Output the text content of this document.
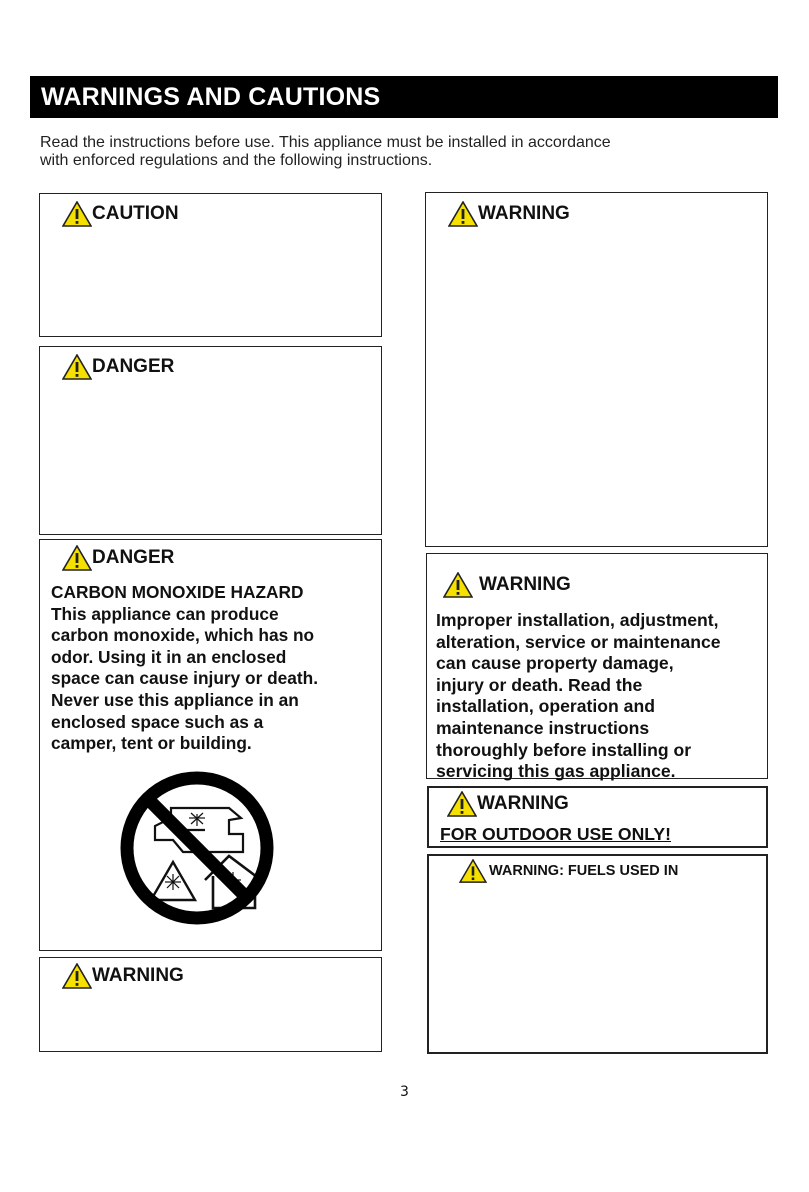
WARNINGS AND CAUTIONS
Read the instructions before use. This appliance must be installed in accordance
with enforced regulations and the following instructions.
CAUTION
DANGER
DANGER
CARBON MONOXIDE HAZARD
This appliance can produce
carbon monoxide, which has no
odor. Using it in an enclosed
space can cause injury or death.
Never use this appliance in an
enclosed space such as a
camper, tent or building.
WARNING
WARNING
WARNING
Improper installation, adjustment,
alteration, service or maintenance
can cause property damage,
injury or death. Read the
installation, operation and
maintenance instructions
thoroughly before installing or
servicing this gas appliance.
WARNING
FOR OUTDOOR USE ONLY!
WARNING: FUELS USED IN
3
